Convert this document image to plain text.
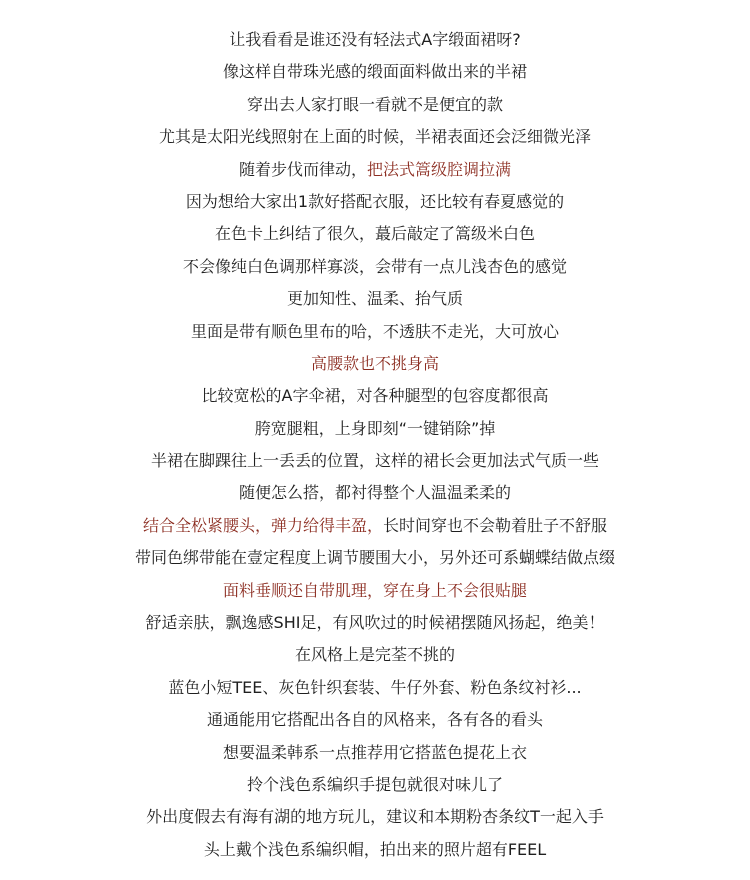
让我看看是谁还没有轻法式A字缎面裙呀?
像这样自带珠光感的缎面面料做出来的半裙
穿出去人家打眼一看就不是便宜的款
尤其是太阳光线照射在上面的时候，半裙表面还会泛细微光泽
随着步伐而律动，把法式篙级腔调拉满
因为想给大家出1款好搭配衣服，还比较有春夏感觉的
在色卡上纠结了很久，蕞后敲定了篙级米白色
不会像纯白色调那样寡淡，会带有一点儿浅杏色的感觉
更加知性、温柔、抬气质
里面是带有顺色里布的哈，不透肤不走光，大可放心
高腰款也不挑身高
比较宽松的A字伞裙，对各种腿型的包容度都很高
胯宽腿粗，上身即刻“一键销除”掉
半裙在脚踝往上一丢丢的位置，这样的裙长会更加法式气质一些
随便怎么搭，都衬得整个人温温柔柔的
结合全松紧腰头，弹力给得丰盈，长时间穿也不会勒着肚子不舒服
带同色绑带能在壹定程度上调节腰围大小，另外还可系蝴蝶结做点缀
面料垂顺还自带肌理，穿在身上不会很贴腿
舒适亲肤，飘逸感SHI足，有风吹过的时候裙摆随风扬起，绝美！
在风格上是完荃不挑的
蓝色小短TEE、灰色针织套装、牛仔外套、粉色条纹衬衫...
通通能用它搭配出各自的风格来，各有各的看头
想要温柔韩系一点推荐用它搭蓝色提花上衣
拎个浅色系编织手提包就很对味儿了
外出度假去有海有湖的地方玩儿，建议和本期粉杏条纹T一起入手
头上戴个浅色系编织帽，拍出来的照片超有FEEL
